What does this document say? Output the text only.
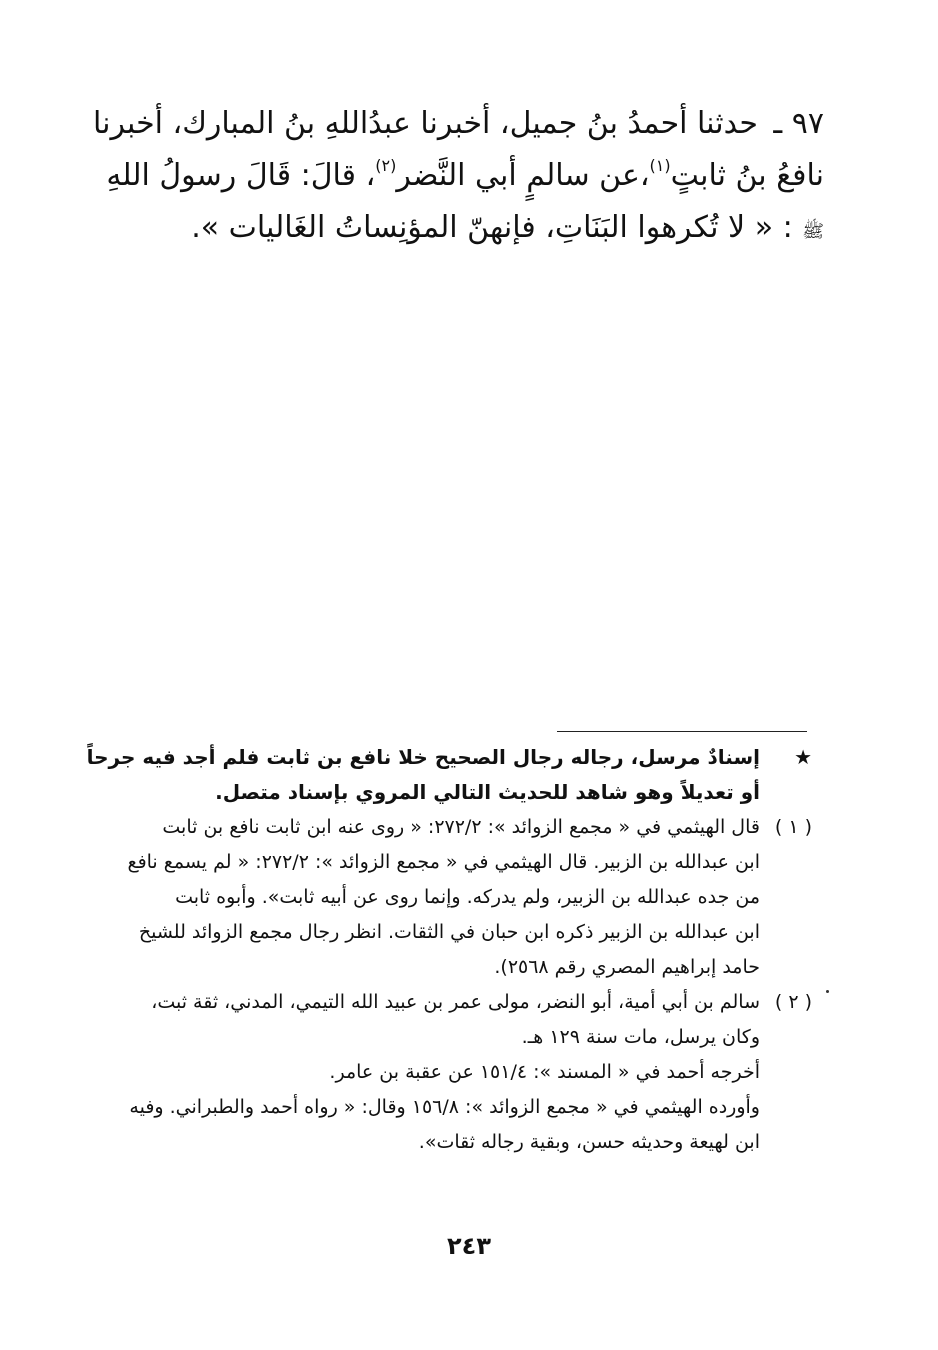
٩٧ ـ حدثنا أحمدُ بنُ جميل، أخبرنا عبدُاللهِ بنُ المبارك، أخبرنا
نافعُ بنُ ثابتٍ$^{(١)}$،عن سالمٍ أبي النَّضر$^{(٢)}$، قالَ: قَالَ رسولُ اللهِ
ﷺ : « لا تُكرهوا البَنَاتِ، فإنهنّ المؤنِساتُ الغَاليات ».
★
إسنادٌ مرسل، رجاله رجال الصحيح خلا نافع بن ثابت فلم أجد فيه جرحاً
أو تعديلاً وهو شاهد للحديث التالي المروي بإسناد متصل.
( ١ )
قال الهيثمي في « مجمع الزوائد »: ٢٧٢/٢: « روى عنه ابن ثابت نافع بن ثابت
ابن عبدالله بن الزبير. قال الهيثمي في « مجمع الزوائد »: ٢٧٢/٢: « لم يسمع نافع
من جده عبدالله بن الزبير، ولم يدركه. وإنما روى عن أبيه ثابت». وأبوه ثابت
ابن عبدالله بن الزبير ذكره ابن حبان في الثقات. انظر رجال مجمع الزوائد للشيخ
حامد إبراهيم المصري رقم ٢٥٦٨).
( ٢ )
سالم بن أبي أمية، أبو النضر، مولى عمر بن عبيد الله التيمي، المدني، ثقة ثبت،
وكان يرسل، مات سنة ١٢٩ هـ.
أخرجه أحمد في « المسند »: ١٥١/٤ عن عقبة بن عامر.
وأورده الهيثمي في « مجمع الزوائد »: ١٥٦/٨ وقال: « رواه أحمد والطبراني. وفيه
ابن لهيعة وحديثه حسن، وبقية رجاله ثقات».
٢٤٣
